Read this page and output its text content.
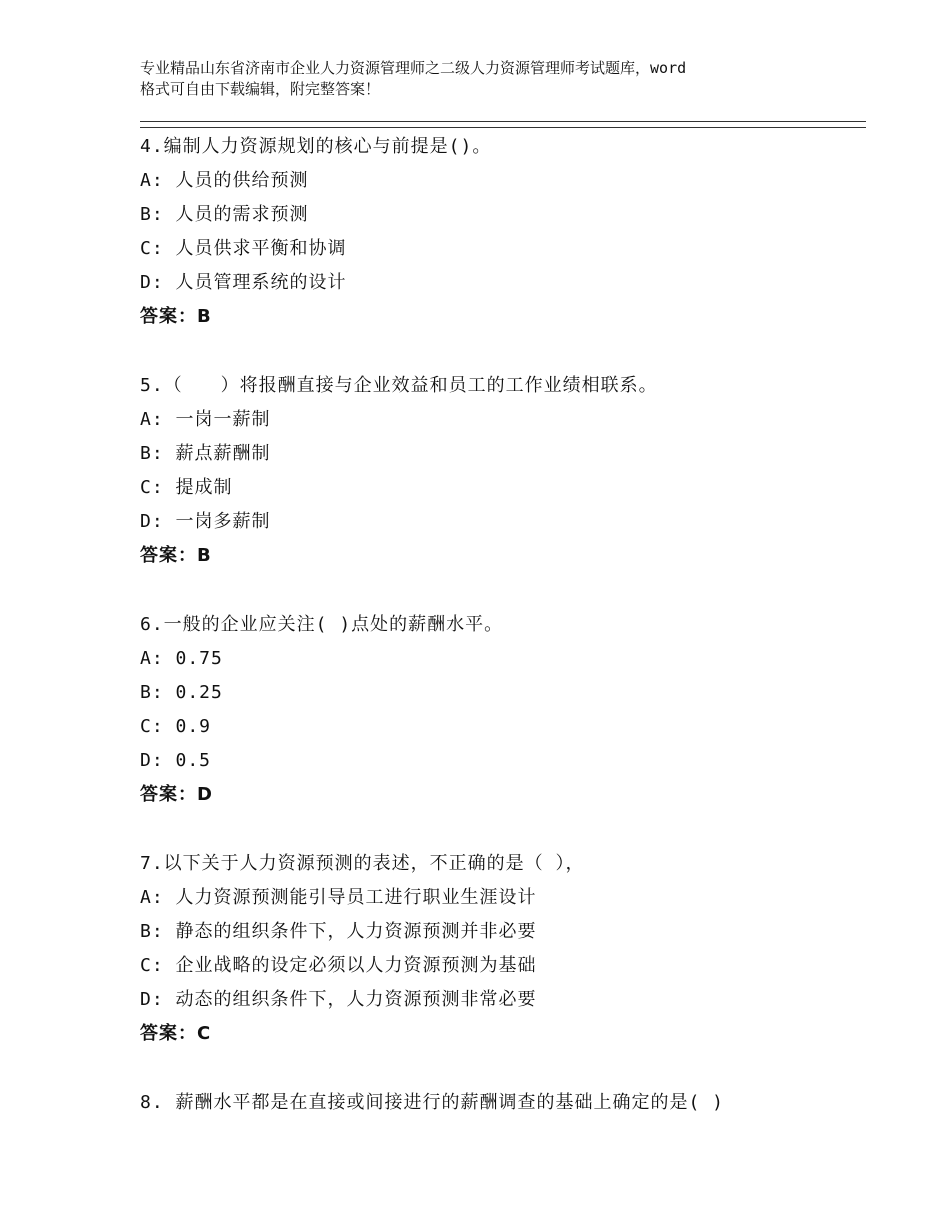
专业精品山东省济南市企业人力资源管理师之二级人力资源管理师考试题库，word
格式可自由下载编辑，附完整答案！
4.编制人力资源规划的核心与前提是()。
A: 人员的供给预测
B: 人员的需求预测
C: 人员供求平衡和协调
D: 人员管理系统的设计
答案：B
5.（　　）将报酬直接与企业效益和员工的工作业绩相联系。
A: 一岗一薪制
B: 薪点薪酬制
C: 提成制
D: 一岗多薪制
答案：B
6.一般的企业应关注( )点处的薪酬水平。
A: 0.75
B: 0.25
C: 0.9
D: 0.5
答案：D
7.以下关于人力资源预测的表述，不正确的是（ ），
A: 人力资源预测能引导员工进行职业生涯设计
B: 静态的组织条件下，人力资源预测并非必要
C: 企业战略的设定必须以人力资源预测为基础
D: 动态的组织条件下，人力资源预测非常必要
答案：C
8. 薪酬水平都是在直接或间接进行的薪酬调查的基础上确定的是( )
